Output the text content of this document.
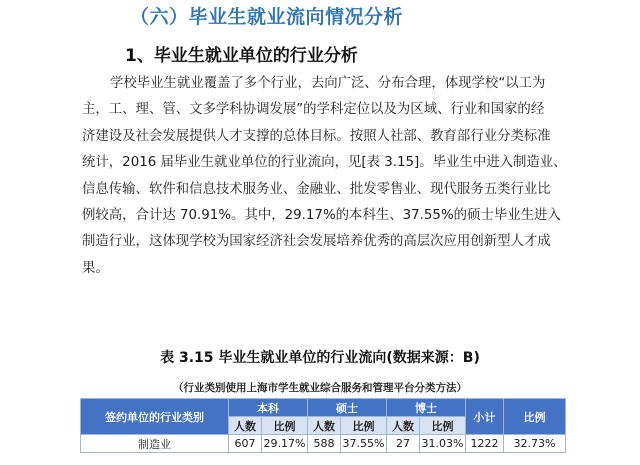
（六）毕业生就业流向情况分析
1、毕业生就业单位的行业分析
学校毕业生就业覆盖了多个行业，去向广泛、分布合理，体现学校“以工为
主，工、理、管、文多学科协调发展”的学科定位以及为区域、行业和国家的经
济建设及社会发展提供人才支撑的总体目标。按照人社部、教育部行业分类标准
统计，2016 届毕业生就业单位的行业流向，见[表 3.15]。毕业生中进入制造业、
信息传输、软件和信息技术服务业、金融业、批发零售业、现代服务五类行业比
例较高，合计达 70.91%。其中，29.17%的本科生、37.55%的硕士毕业生进入
制造行业，这体现学校为国家经济社会发展培养优秀的高层次应用创新型人才成
果。
表 3.15 毕业生就业单位的行业流向(数据来源：B)
（行业类别使用上海市学生就业综合服务和管理平台分类方法）
签约单位的行业类别	本科		硕士		博士		小计	比例
	人数	比例	人数	比例	人数	比例		
制造业	607	29.17%	588	37.55%	27	31.03%	1222	32.73%
